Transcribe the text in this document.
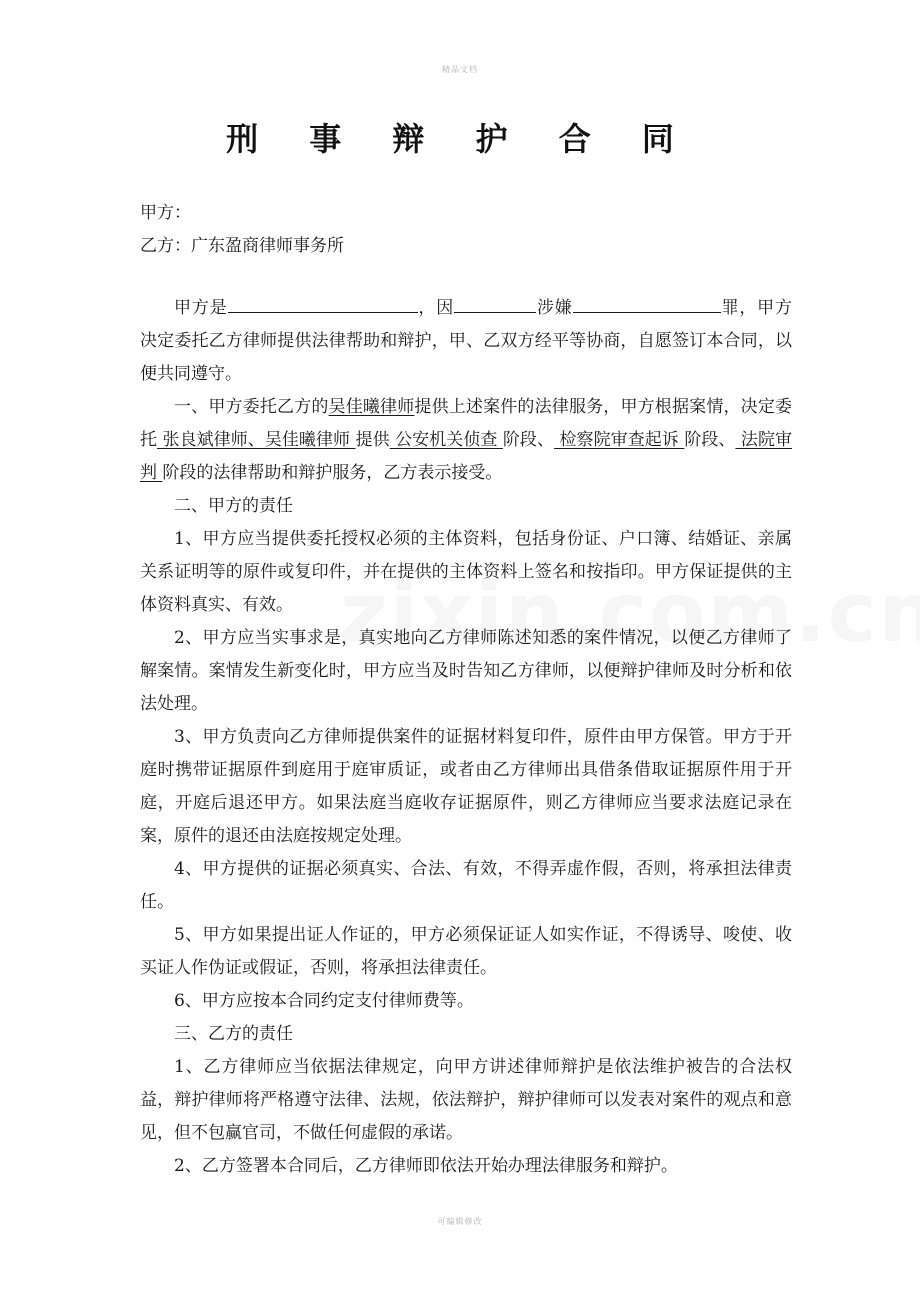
精品文档
刑 事 辩 护 合 同
甲方：
乙方：广东盈商律师事务所

甲方是	，因	涉嫌	罪，甲方决定委托乙方律师提供法律帮助和辩护，甲、乙双方经平等协商，自愿签订本合同，以便共同遵守。

一、甲方委托乙方的吴佳曦律师提供上述案件的法律服务，甲方根据案情，决定委托 张良斌律师、吴佳曦律师 提供 公安机关侦查 阶段、 检察院审查起诉 阶段、 法院审判 阶段的法律帮助和辩护服务，乙方表示接受。

二、甲方的责任

1、甲方应当提供委托授权必须的主体资料，包括身份证、户口簿、结婚证、亲属关系证明等的原件或复印件，并在提供的主体资料上签名和按指印。甲方保证提供的主体资料真实、有效。

2、甲方应当实事求是，真实地向乙方律师陈述知悉的案件情况，以便乙方律师了解案情。案情发生新变化时，甲方应当及时告知乙方律师，以便辩护律师及时分析和依法处理。

3、甲方负责向乙方律师提供案件的证据材料复印件，原件由甲方保管。甲方于开庭时携带证据原件到庭用于庭审质证，或者由乙方律师出具借条借取证据原件用于开庭，开庭后退还甲方。如果法庭当庭收存证据原件，则乙方律师应当要求法庭记录在案，原件的退还由法庭按规定处理。

4、甲方提供的证据必须真实、合法、有效，不得弄虚作假，否则，将承担法律责任。

5、甲方如果提出证人作证的，甲方必须保证证人如实作证，不得诱导、唆使、收买证人作伪证或假证，否则，将承担法律责任。

6、甲方应按本合同约定支付律师费等。

三、乙方的责任

1、乙方律师应当依据法律规定，向甲方讲述律师辩护是依法维护被告的合法权益，辩护律师将严格遵守法律、法规，依法辩护，辩护律师可以发表对案件的观点和意见，但不包赢官司，不做任何虚假的承诺。

2、乙方签署本合同后，乙方律师即依法开始办理法律服务和辩护。

可编辑修改
